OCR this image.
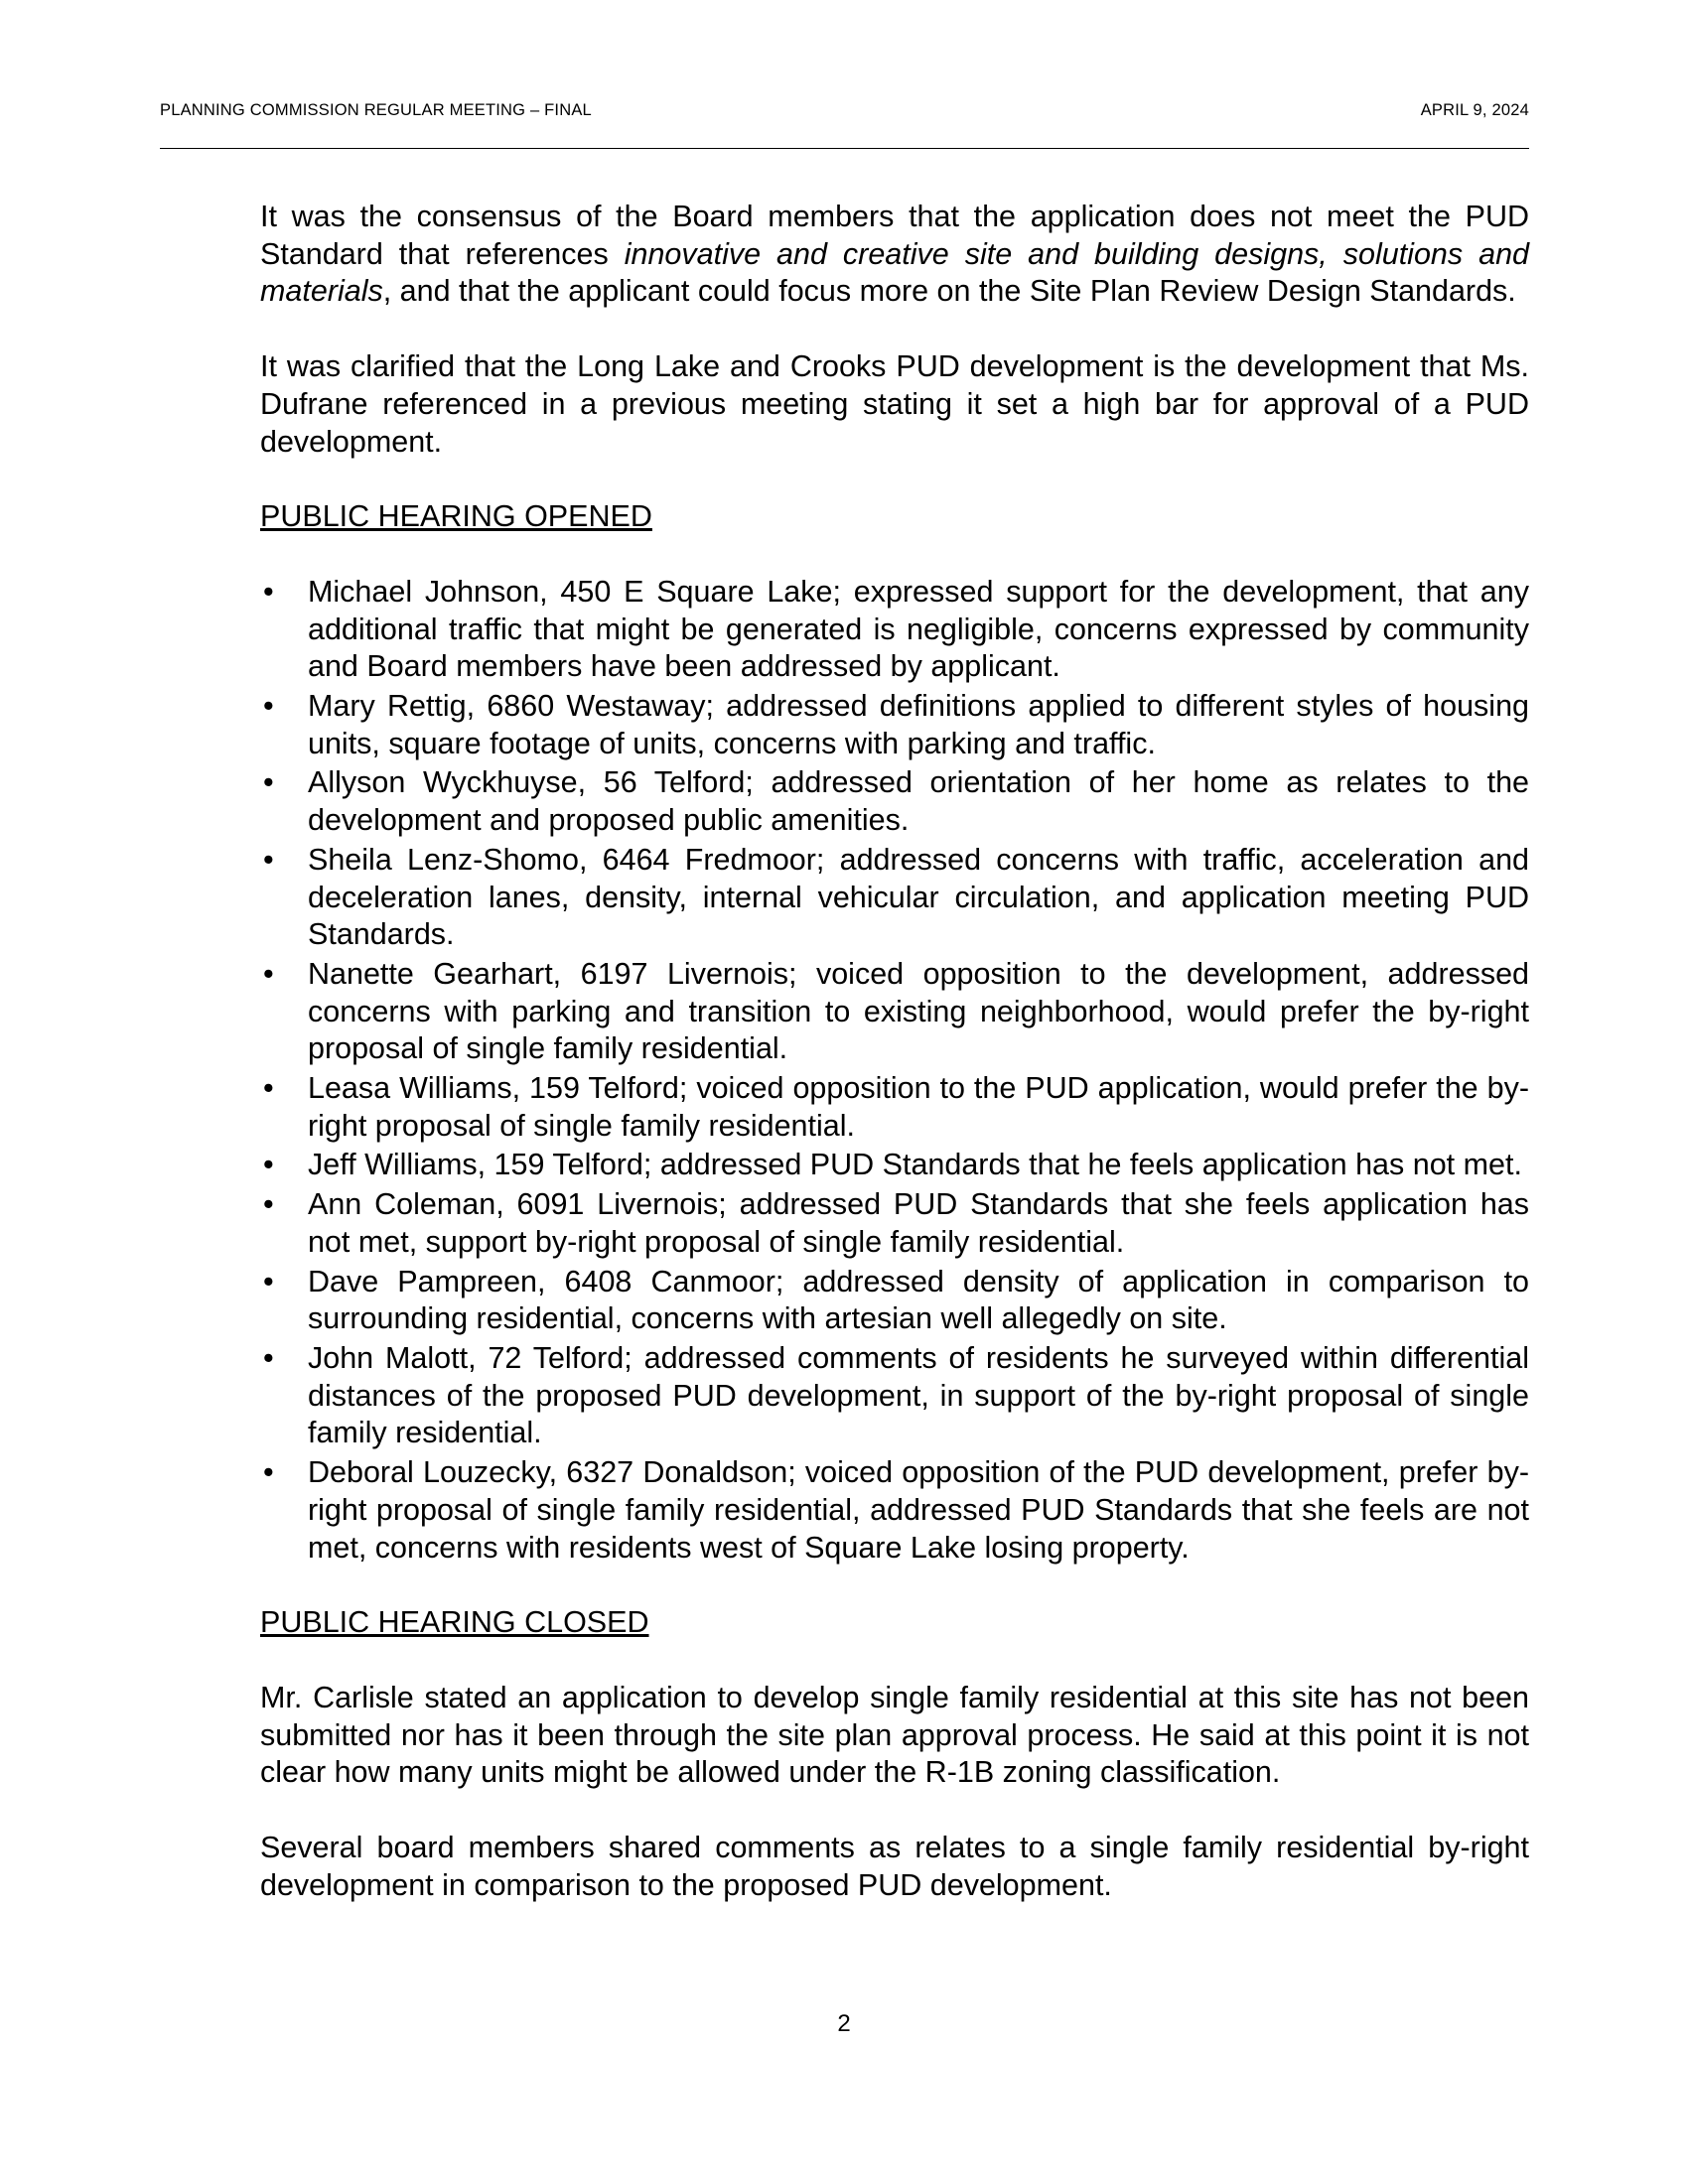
PLANNING COMMISSION REGULAR MEETING – FINAL	APRIL 9, 2024

It was the consensus of the Board members that the application does not meet the PUD Standard that references innovative and creative site and building designs, solutions and materials, and that the applicant could focus more on the Site Plan Review Design Standards.

It was clarified that the Long Lake and Crooks PUD development is the development that Ms. Dufrane referenced in a previous meeting stating it set a high bar for approval of a PUD development.

PUBLIC HEARING OPENED

• Michael Johnson, 450 E Square Lake; expressed support for the development, that any additional traffic that might be generated is negligible, concerns expressed by community and Board members have been addressed by applicant.
• Mary Rettig, 6860 Westaway; addressed definitions applied to different styles of housing units, square footage of units, concerns with parking and traffic.
• Allyson Wyckhuyse, 56 Telford; addressed orientation of her home as relates to the development and proposed public amenities.
• Sheila Lenz-Shomo, 6464 Fredmoor; addressed concerns with traffic, acceleration and deceleration lanes, density, internal vehicular circulation, and application meeting PUD Standards.
• Nanette Gearhart, 6197 Livernois; voiced opposition to the development, addressed concerns with parking and transition to existing neighborhood, would prefer the by-right proposal of single family residential.
• Leasa Williams, 159 Telford; voiced opposition to the PUD application, would prefer the by-right proposal of single family residential.
• Jeff Williams, 159 Telford; addressed PUD Standards that he feels application has not met.
• Ann Coleman, 6091 Livernois; addressed PUD Standards that she feels application has not met, support by-right proposal of single family residential.
• Dave Pampreen, 6408 Canmoor; addressed density of application in comparison to surrounding residential, concerns with artesian well allegedly on site.
• John Malott, 72 Telford; addressed comments of residents he surveyed within differential distances of the proposed PUD development, in support of the by-right proposal of single family residential.
• Deboral Louzecky, 6327 Donaldson; voiced opposition of the PUD development, prefer by-right proposal of single family residential, addressed PUD Standards that she feels are not met, concerns with residents west of Square Lake losing property.

PUBLIC HEARING CLOSED

Mr. Carlisle stated an application to develop single family residential at this site has not been submitted nor has it been through the site plan approval process. He said at this point it is not clear how many units might be allowed under the R-1B zoning classification.

Several board members shared comments as relates to a single family residential by-right development in comparison to the proposed PUD development.

2
